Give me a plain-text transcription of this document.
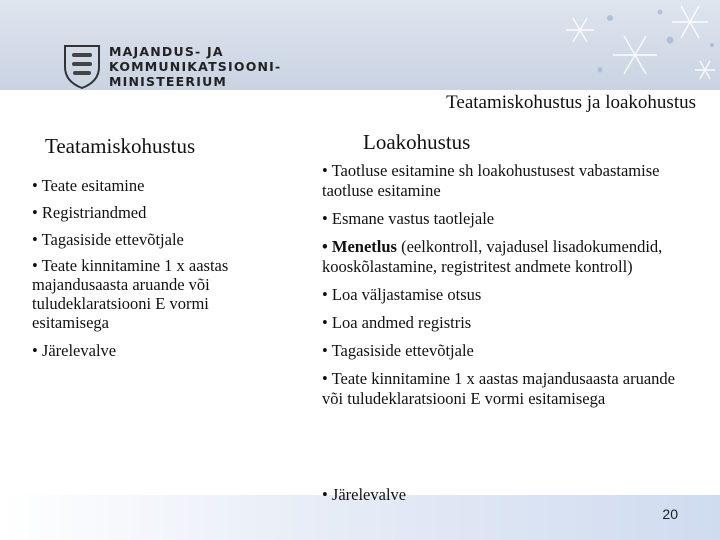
MAJANDUS- JA
KOMMUNIKATSIOONI-
MINISTEERIUM
Teatamiskohustus ja loakohustus
Teatamiskohustus
• Teate esitamine
• Registriandmed
• Tagasiside ettevõtjale
• Teate kinnitamine 1 x aastas majandusaasta aruande või tuludeklaratsiooni E vormi esitamisega
• Järelevalve
Loakohustus
• Taotluse esitamine sh loakohustusest vabastamise taotluse esitamine
• Esmane vastus taotlejale
• Menetlus (eelkontroll, vajadusel lisadokumendid, kooskõlastamine, registritest andmete kontroll)
• Loa väljastamise otsus
• Loa andmed registris
• Tagasiside ettevõtjale
• Teate kinnitamine 1 x aastas majandusaasta aruande või tuludeklaratsiooni E vormi esitamisega
• Järelevalve
20
